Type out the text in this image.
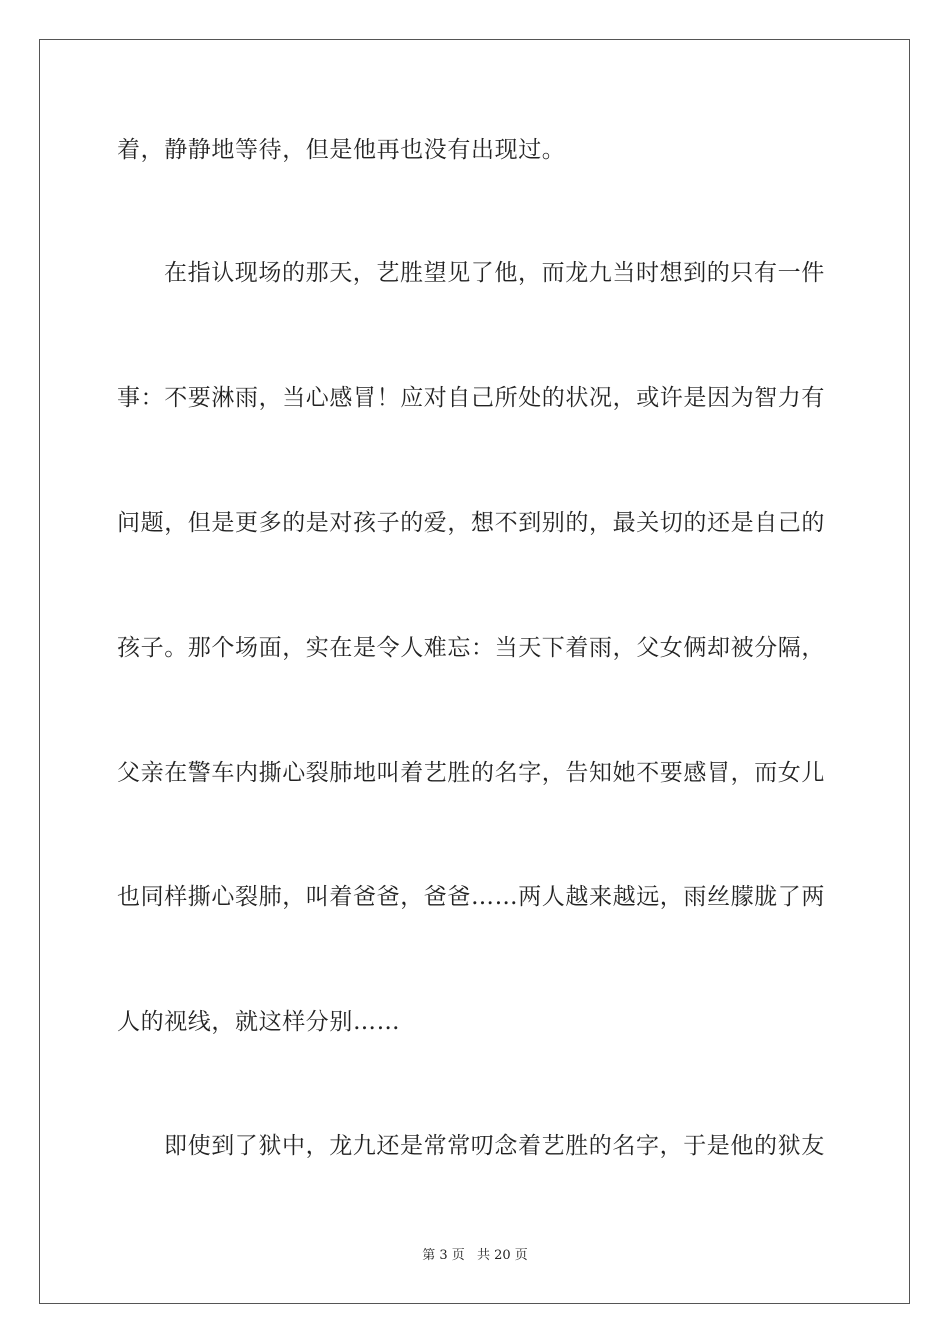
着，静静地等待，但是他再也没有出现过。
在指认现场的那天，艺胜望见了他，而龙九当时想到的只有一件
事：不要淋雨，当心感冒！应对自己所处的状况，或许是因为智力有
问题，但是更多的是对孩子的爱，想不到别的，最关切的还是自己的
孩子。那个场面，实在是令人难忘：当天下着雨，父女俩却被分隔，
父亲在警车内撕心裂肺地叫着艺胜的名字，告知她不要感冒，而女儿
也同样撕心裂肺，叫着爸爸，爸爸……两人越来越远，雨丝朦胧了两
人的视线，就这样分别……
即使到了狱中，龙九还是常常叨念着艺胜的名字，于是他的狱友
第 3 页 共 20 页
